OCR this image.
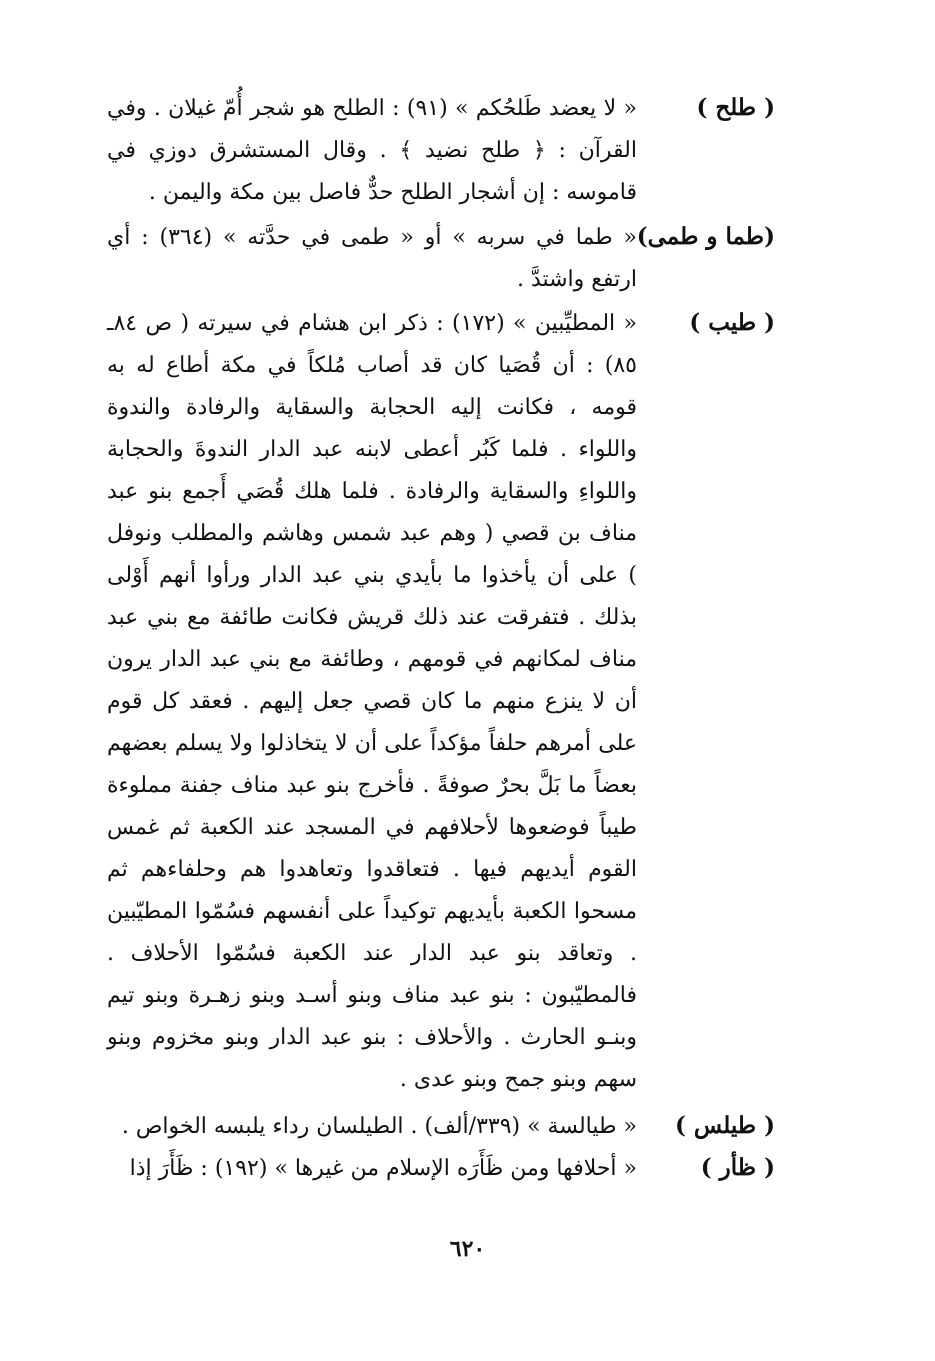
( طلح )
« لا يعضد طَلحُكم » (٩١) : الطلح هو شجر أُمّ غيلان . وفي القرآن : ﴿ طلح نضيد ﴾ . وقال المستشرق دوزي في قاموسه : إن أشجار الطلح حدٌّ فاصل بين مكة واليمن .
(طما و طمى)
« طما في سربه » أو « طمى في حدَّته » (٣٦٤) : أي ارتفع واشتدَّ .
( طيب )
« المطيِّبين » (١٧٢) : ذكر ابن هشام في سيرته ( ص ٨٤ـ ٨٥) : أن قُصَيا كان قد أصاب مُلكاً في مكة أطاع له به قومه ، فكانت إليه الحجابة والسقاية والرفادة والندوة واللواء . فلما كَبُر أعطى لابنه عبد الدار الندوةَ والحجابة واللواءِ والسقاية والرفادة . فلما هلك قُصَي أَجمع بنو عبد مناف بن قصي ( وهم عبد شمس وهاشم والمطلب ونوفل ) على أن يأخذوا ما بأيدي بني عبد الدار ورأوا أنهم أَوْلى بذلك . فتفرقت عند ذلك قريش فكانت طائفة مع بني عبد مناف لمكانهم في قومهم ، وطائفة مع بني عبد الدار يرون أن لا ينزع منهم ما كان قصي جعل إليهم . فعقد كل قوم على أمرهم حلفاً مؤكداً على أن لا يتخاذلوا ولا يسلم بعضهم بعضاً ما بَلَّ بحرٌ صوفةً . فأخرج بنو عبد مناف جفنة مملوءة طيباً فوضعوها لأحلافهم في المسجد عند الكعبة ثم غمس القوم أيديهم فيها . فتعاقدوا وتعاهدوا هم وحلفاءهم ثم مسحوا الكعبة بأيديهم توكيداً على أنفسهم فسُمّوا المطيّبين . وتعاقد بنو عبد الدار عند الكعبة فسُمّوا الأحلاف . فالمطيّبون : بنو عبد مناف وبنو أسـد وبنو زهـرة وبنو تيم وبنـو الحارث . والأحلاف : بنو عبد الدار وبنو مخزوم وبنو سهم وبنو جمح وبنو عدى .
( طيلس )
« طيالسة » (٣٣٩/ألف) . الطيلسان رداء يلبسه الخواص .
( ظأر )
« أحلافها ومن ظَأَرَه الإسلام من غيرها » (١٩٢) : ظَأَرَ إذا
٦٢٠
